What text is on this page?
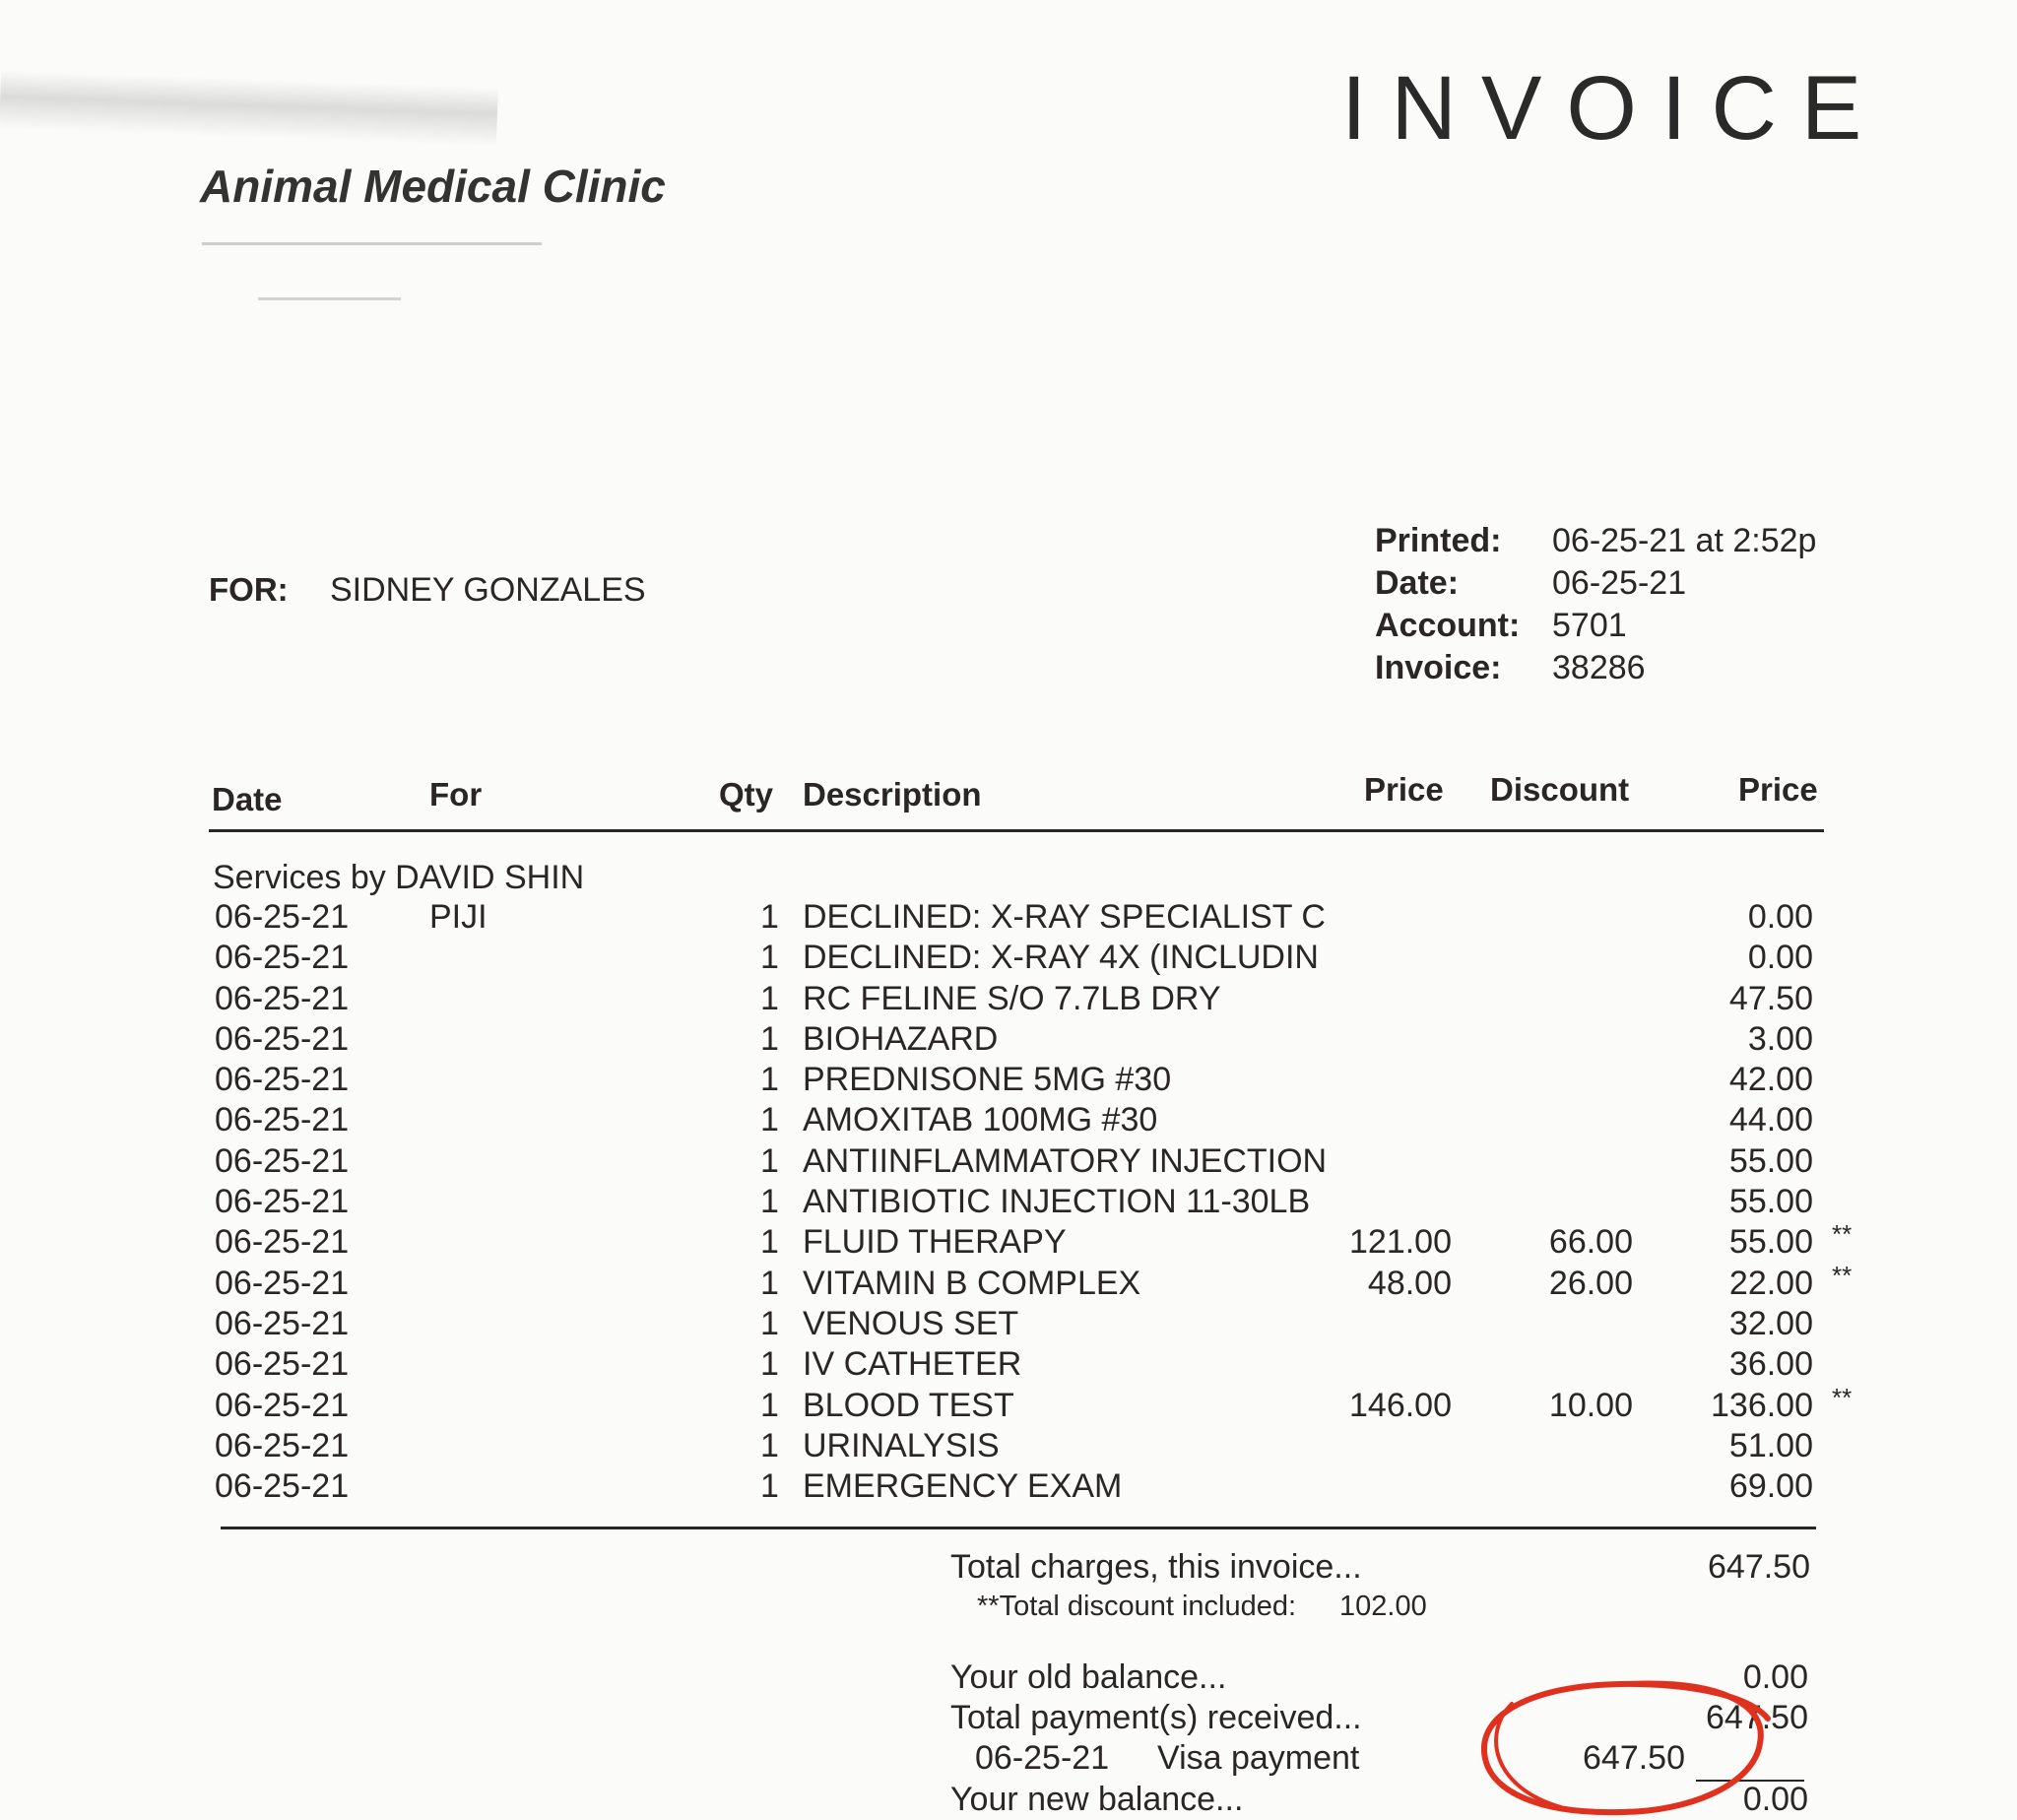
Animal Medical Clinic
INVOICE
FOR: SIDNEY GONZALES
Printed:	06-25-21 at 2:52p
Date:	06-25-21
Account: 5701
Invoice:	38286
Date	For	Qty Description	Price Discount	Price
Services by DAVID SHIN
06-25-21 PIJI	1 DECLINED: X-RAY SPECIALIST C	0.00
06-25-21	1 DECLINED: X-RAY 4X (INCLUDIN	0.00
06-25-21	1 RC FELINE S/O 7.7LB DRY	47.50
06-25-21	1 BIOHAZARD	3.00
06-25-21	1 PREDNISONE 5MG #30	42.00
06-25-21	1 AMOXITAB 100MG #30	44.00
06-25-21	1 ANTIINFLAMMATORY INJECTION	55.00
06-25-21	1 ANTIBIOTIC INJECTION 11-30LB	55.00
06-25-21	1 FLUID THERAPY	121.00	66.00	55.00 **
06-25-21	1 VITAMIN B COMPLEX	48.00	26.00	22.00 **
06-25-21	1 VENOUS SET	32.00
06-25-21	1 IV CATHETER	36.00
06-25-21	1 BLOOD TEST	146.00	10.00 136.00 **
06-25-21	1 URINALYSIS	51.00
06-25-21	1 EMERGENCY EXAM	69.00
Total charges, this invoice...	647.50
**Total discount included: 102.00
Your old balance...	0.00
Total payment(s) received...	647.50
06-25-21 Visa payment	647.50
Your new balance...	0.00
